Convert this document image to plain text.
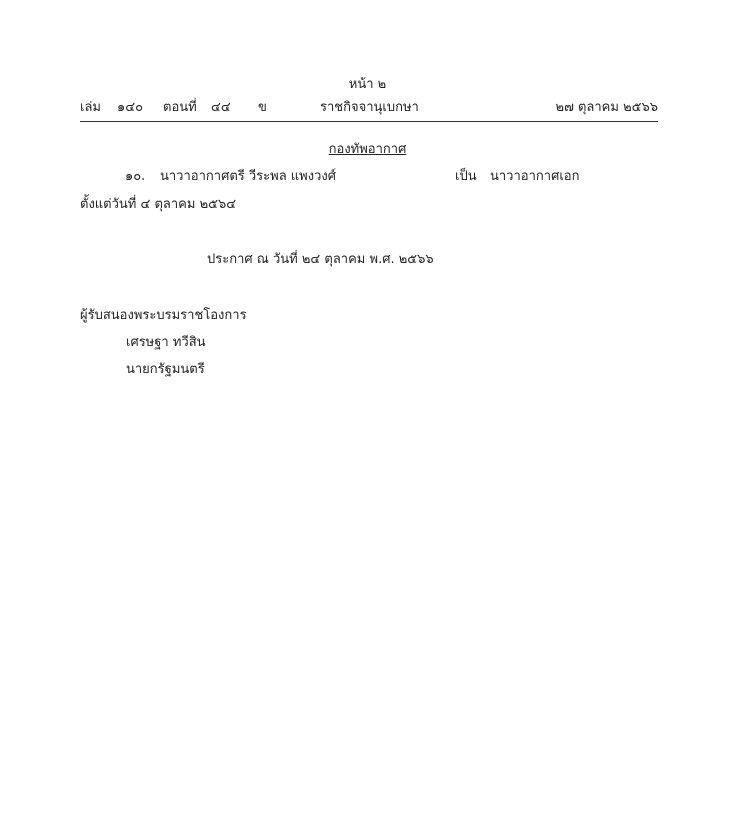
หน้า ๒
เล่ม ๑๔๐ ตอนที่ ๔๔ ข	ราชกิจจานุเบกษา	๒๗ ตุลาคม ๒๕๖๖
กองทัพอากาศ
๑๐. นาวาอากาศตรี วีระพล แพงวงศ์	เป็น นาวาอากาศเอก
ตั้งแต่วันที่ ๔ ตุลาคม ๒๕๖๔
ประกาศ ณ วันที่ ๒๔ ตุลาคม พ.ศ. ๒๕๖๖
ผู้รับสนองพระบรมราชโองการ
เศรษฐา ทวีสิน
นายกรัฐมนตรี
